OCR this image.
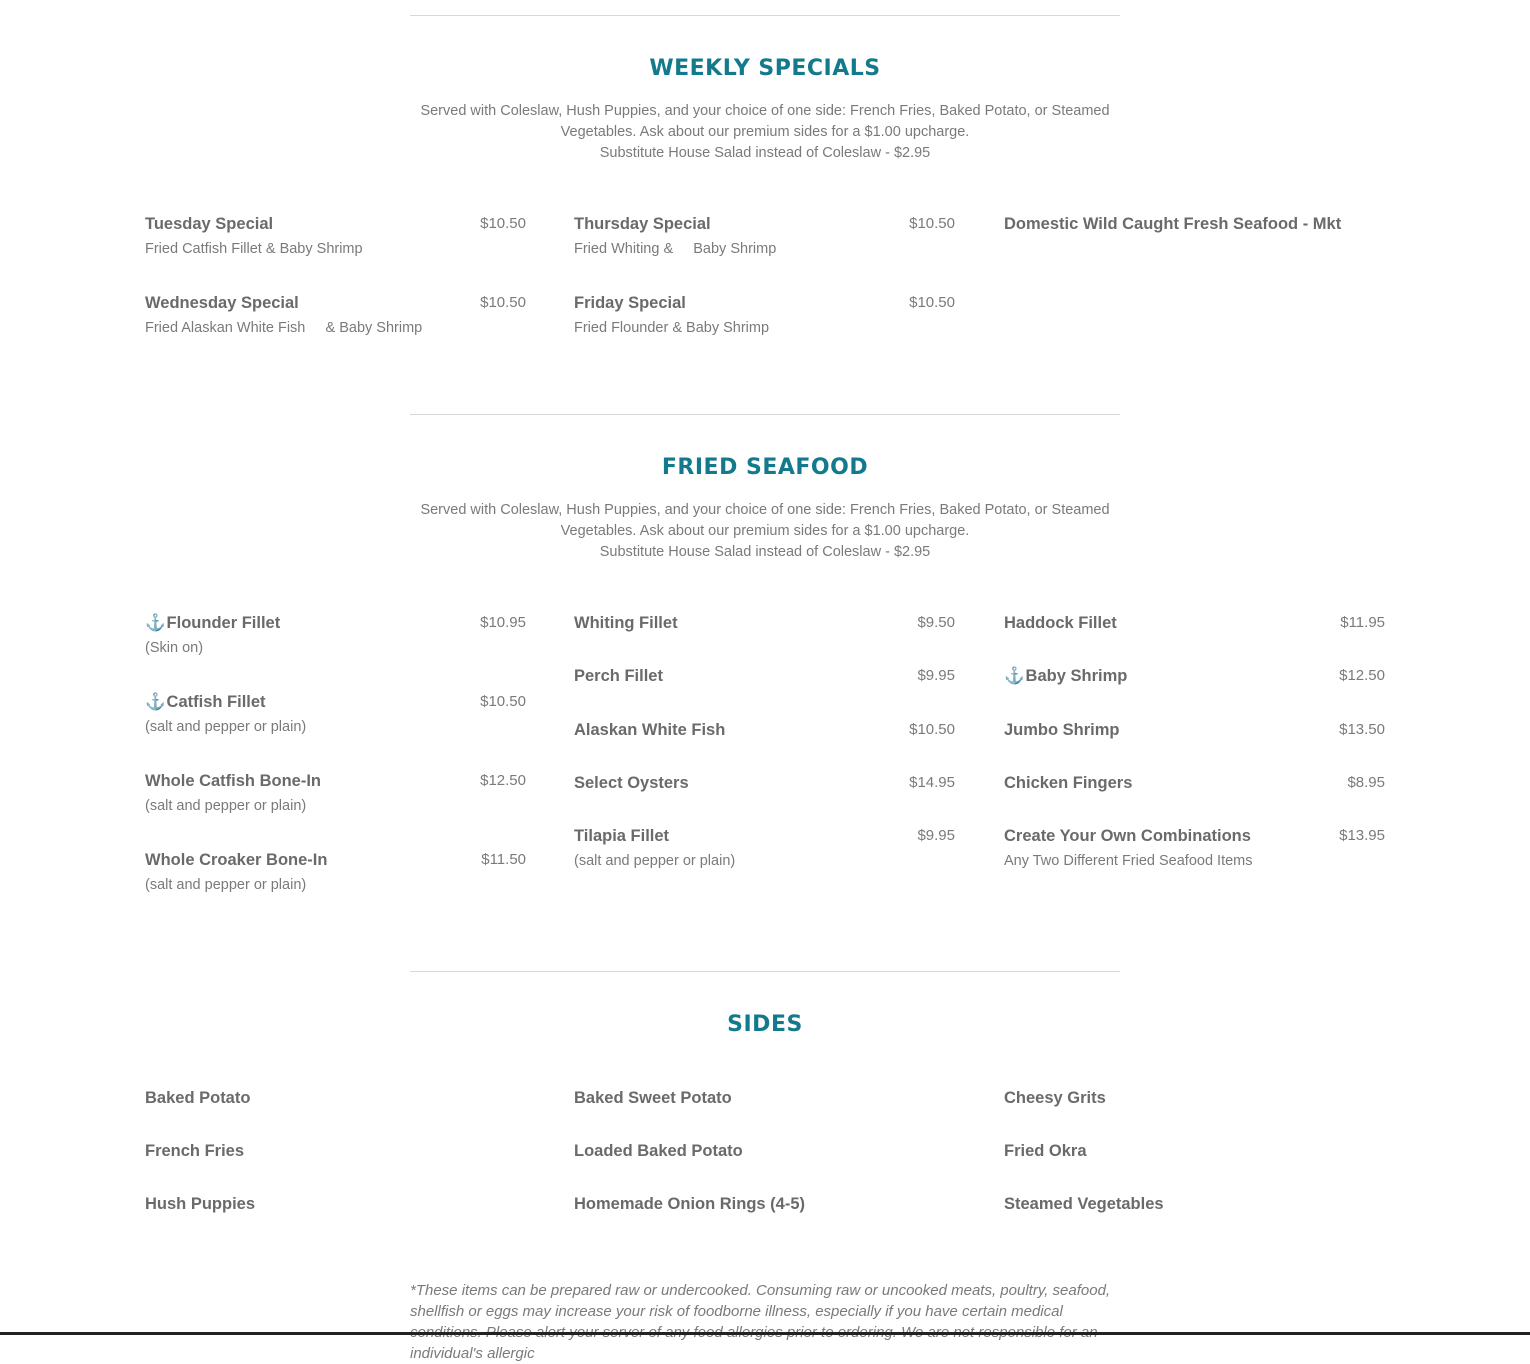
WEEKLY SPECIALS

Served with Coleslaw, Hush Puppies, and your choice of one side: French Fries, Baked Potato, or Steamed Vegetables. Ask about our premium sides for a $1.00 upcharge.

Substitute House Salad instead of Coleslaw - $2.95

Tuesday Special	$10.50
Fried Catfish Fillet & Baby Shrimp
Wednesday Special	$10.50
Fried Alaskan White Fish     & Baby Shrimp
Thursday Special	$10.50
Fried Whiting &     Baby Shrimp
Friday Special	$10.50
Fried Flounder & Baby Shrimp
Domestic Wild Caught Fresh Seafood - Mkt
FRIED SEAFOOD

Served with Coleslaw, Hush Puppies, and your choice of one side: French Fries, Baked Potato, or Steamed Vegetables. Ask about our premium sides for a $1.00 upcharge.

Substitute House Salad instead of Coleslaw - $2.95

⚓Flounder Fillet	$10.95
(Skin on)
⚓Catfish Fillet	$10.50
(salt and pepper or plain)
Whole Catfish Bone-In	$12.50
(salt and pepper or plain)
Whole Croaker Bone-In	$11.50
(salt and pepper or plain)
Whiting Fillet	$9.50
Perch Fillet	$9.95
Alaskan White Fish	$10.50
Select Oysters	$14.95
Tilapia Fillet	$9.95
(salt and pepper or plain)
Haddock Fillet	$11.95
⚓Baby Shrimp	$12.50
Jumbo Shrimp	$13.50
Chicken Fingers	$8.95
Create Your Own Combinations	$13.95
Any Two Different Fried Seafood Items
SIDES
Baked Potato
French Fries
Hush Puppies
Baked Sweet Potato
Loaded Baked Potato
Homemade Onion Rings (4-5)
Cheesy Grits
Fried Okra
Steamed Vegetables
*These items can be prepared raw or undercooked. Consuming raw or uncooked meats, poultry, seafood, shellfish or eggs may increase your risk of foodborne illness, especially if you have certain medical individual's allergic
